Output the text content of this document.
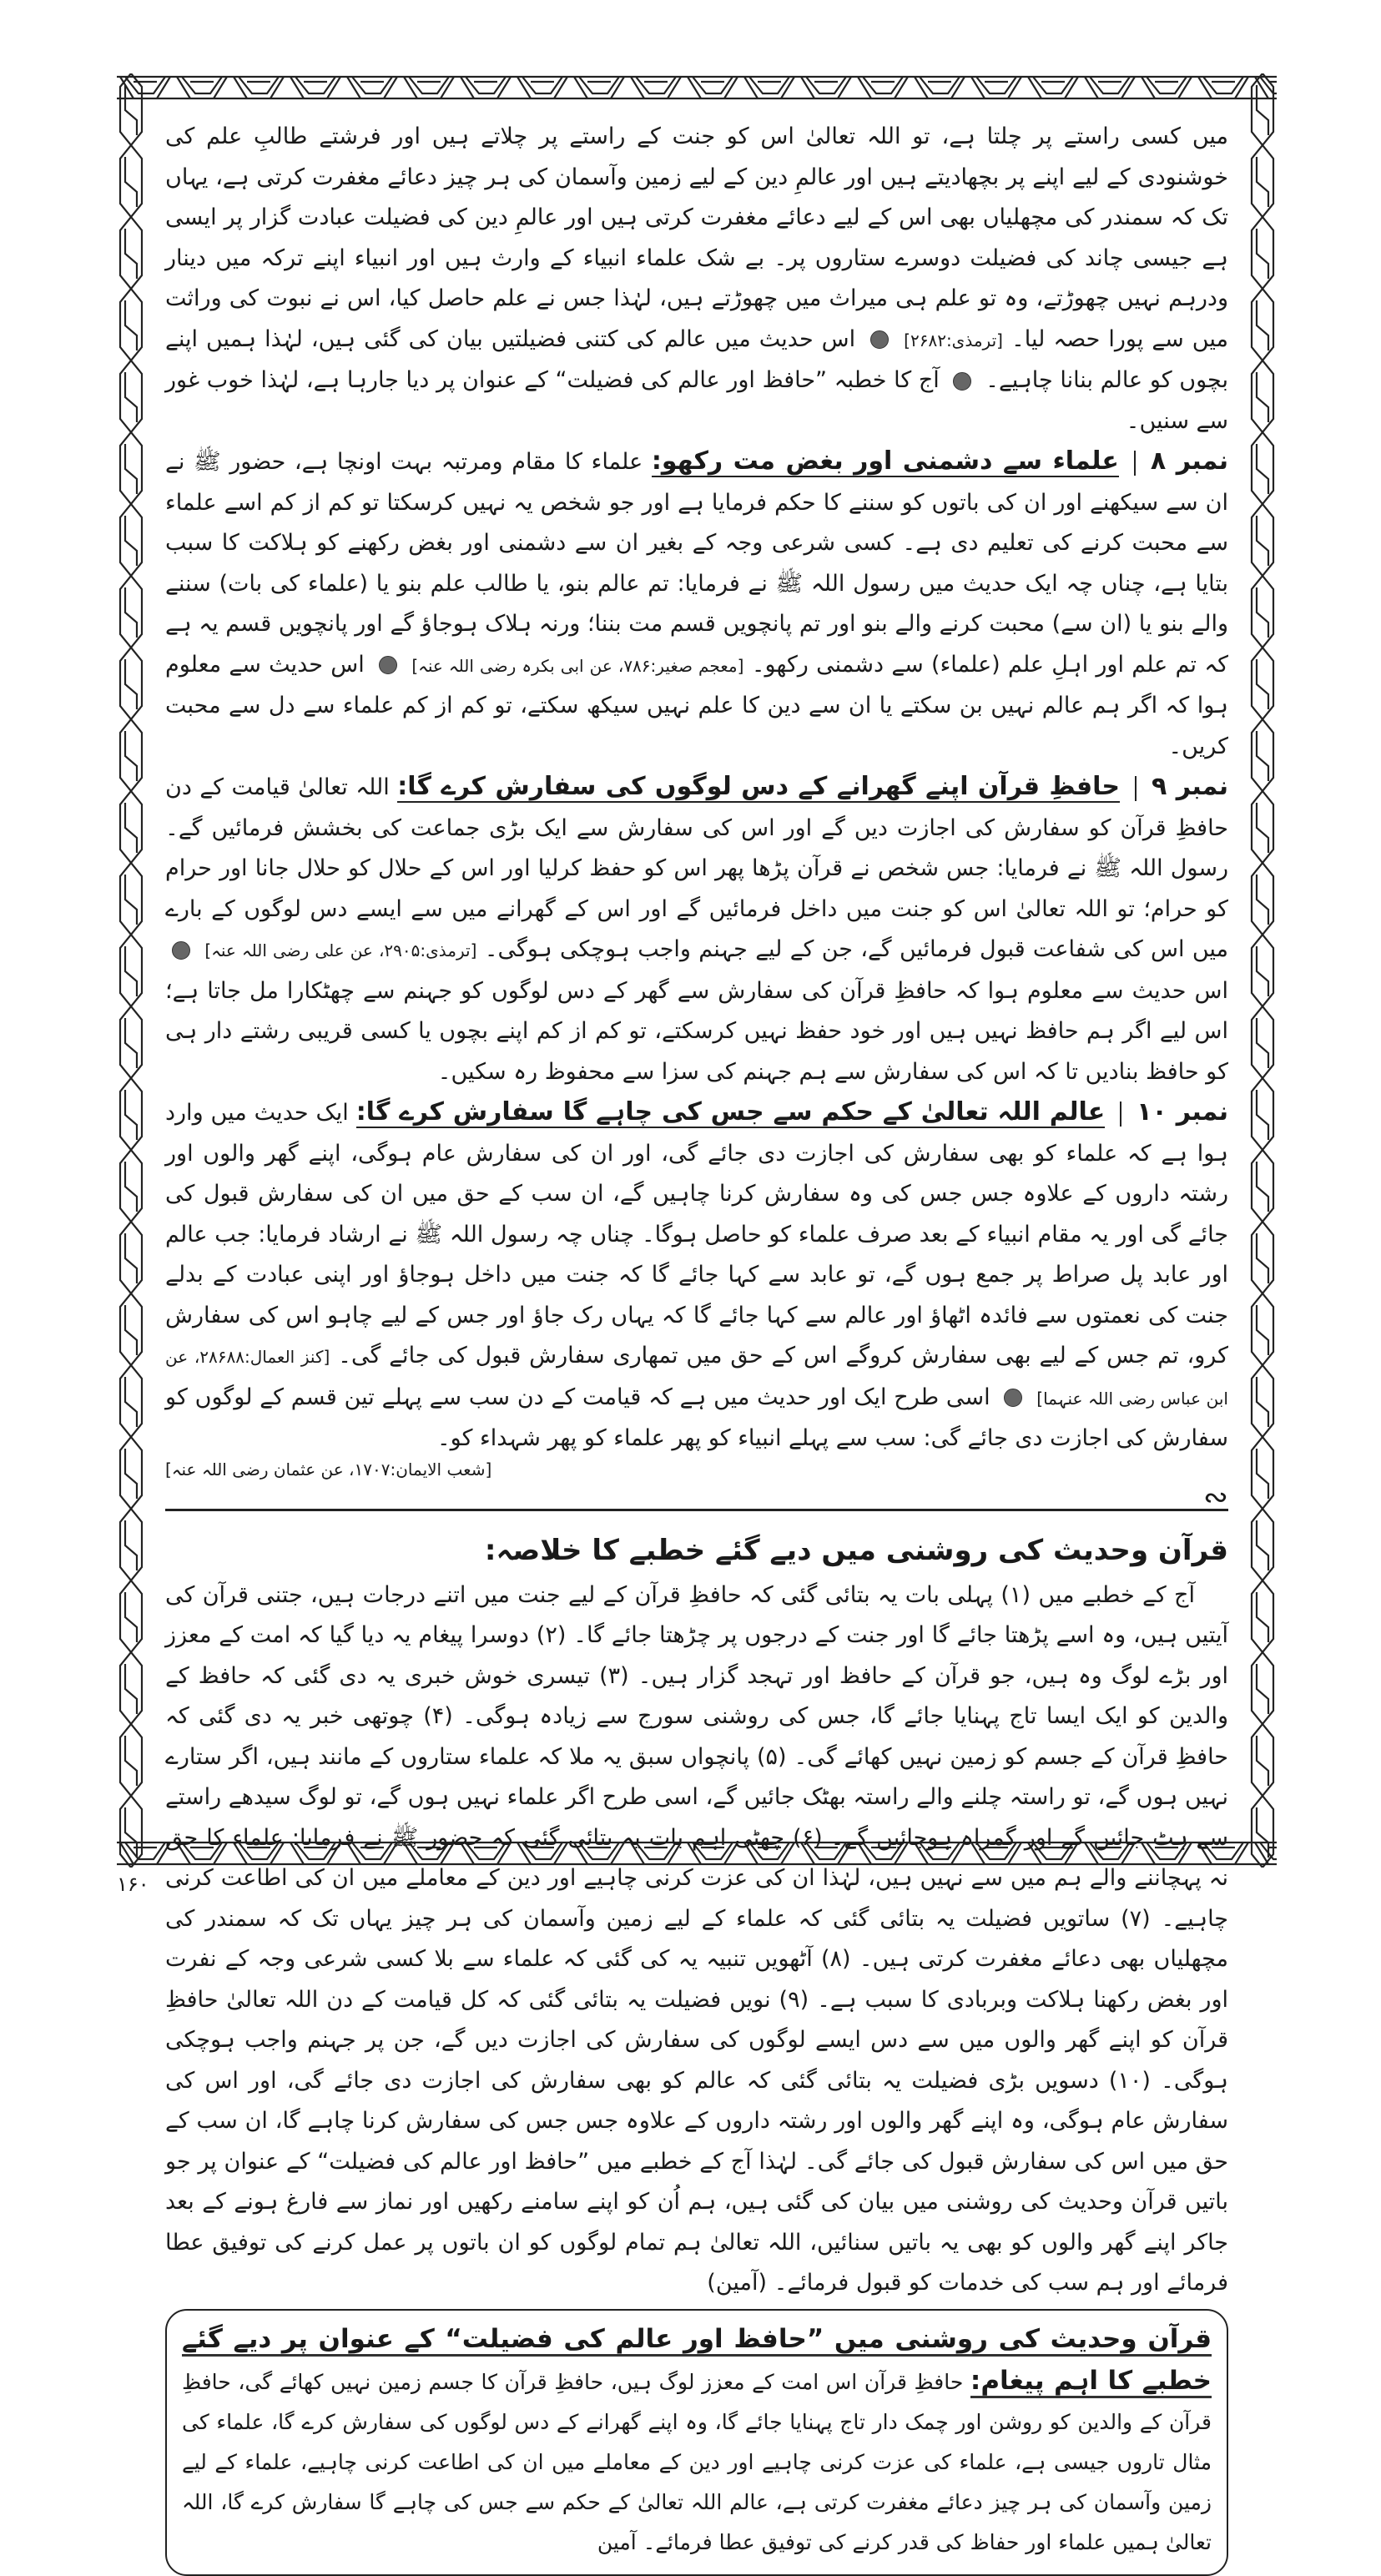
میں کسی راستے پر چلتا ہے، تو اللہ تعالیٰ اس کو جنت کے راستے پر چلاتے ہیں اور فرشتے طالبِ علم کی خوشنودی کے لیے اپنے پر بچھادیتے ہیں اور عالمِ دین کے لیے زمین وآسمان کی ہر چیز دعائے مغفرت کرتی ہے، یہاں تک کہ سمندر کی مچھلیاں بھی اس کے لیے دعائے مغفرت کرتی ہیں اور عالمِ دین کی فضیلت عبادت گزار پر ایسی ہے جیسی چاند کی فضیلت دوسرے ستاروں پر۔ بے شک علماء انبیاء کے وارث ہیں اور انبیاء اپنے ترکہ میں دینار ودرہم نہیں چھوڑتے، وہ تو علم ہی میراث میں چھوڑتے ہیں، لہٰذا جس نے علم حاصل کیا، اس نے نبوت کی وراثت میں سے پورا حصہ لیا۔ [ترمذی:۲۶۸۲]  اس حدیث میں عالم کی کتنی فضیلتیں بیان کی گئی ہیں، لہٰذا ہمیں اپنے بچوں کو عالم بنانا چاہیے۔  آج کا خطبہ ”حافظ اور عالم کی فضیلت“ کے عنوان پر دیا جارہا ہے، لہٰذا خوب غور سے سنیں۔

نمبر ۸علماء سے دشمنی اور بغض مت رکھو: علماء کا مقام ومرتبہ بہت اونچا ہے، حضور ﷺ نے ان سے سیکھنے اور ان کی باتوں کو سننے کا حکم فرمایا ہے اور جو شخص یہ نہیں کرسکتا تو کم از کم اسے علماء سے محبت کرنے کی تعلیم دی ہے۔ کسی شرعی وجہ کے بغیر ان سے دشمنی اور بغض رکھنے کو ہلاکت کا سبب بتایا ہے، چناں چہ ایک حدیث میں رسول اللہ ﷺ نے فرمایا: تم عالم بنو، یا طالب علم بنو یا (علماء کی بات) سننے والے بنو یا (ان سے) محبت کرنے والے بنو اور تم پانچویں قسم مت بننا؛ ورنہ ہلاک ہوجاؤ گے اور پانچویں قسم یہ ہے کہ تم علم اور اہلِ علم (علماء) سے دشمنی رکھو۔ [معجم صغیر:۷۸۶، عن ابی بکرہ رضی اللہ عنہ]  اس حدیث سے معلوم ہوا کہ اگر ہم عالم نہیں بن سکتے یا ان سے دین کا علم نہیں سیکھ سکتے، تو کم از کم علماء سے دل سے محبت کریں۔

نمبر ۹حافظِ قرآن اپنے گھرانے کے دس لوگوں کی سفارش کرے گا: اللہ تعالیٰ قیامت کے دن حافظِ قرآن کو سفارش کی اجازت دیں گے اور اس کی سفارش سے ایک بڑی جماعت کی بخشش فرمائیں گے۔ رسول اللہ ﷺ نے فرمایا: جس شخص نے قرآن پڑھا پھر اس کو حفظ کرلیا اور اس کے حلال کو حلال جانا اور حرام کو حرام؛ تو اللہ تعالیٰ اس کو جنت میں داخل فرمائیں گے اور اس کے گھرانے میں سے ایسے دس لوگوں کے بارے میں اس کی شفاعت قبول فرمائیں گے، جن کے لیے جہنم واجب ہوچکی ہوگی۔ [ترمذی:۲۹۰۵، عن علی رضی اللہ عنہ]  اس حدیث سے معلوم ہوا کہ حافظِ قرآن کی سفارش سے گھر کے دس لوگوں کو جہنم سے چھٹکارا مل جاتا ہے؛ اس لیے اگر ہم حافظ نہیں ہیں اور خود حفظ نہیں کرسکتے، تو کم از کم اپنے بچوں یا کسی قریبی رشتے دار ہی کو حافظ بنادیں تا کہ اس کی سفارش سے ہم جہنم کی سزا سے محفوظ رہ سکیں۔

نمبر ۱۰عالم اللہ تعالیٰ کے حکم سے جس کی چاہے گا سفارش کرے گا: ایک حدیث میں وارد ہوا ہے کہ علماء کو بھی سفارش کی اجازت دی جائے گی، اور ان کی سفارش عام ہوگی، اپنے گھر والوں اور رشتہ داروں کے علاوہ جس جس کی وہ سفارش کرنا چاہیں گے، ان سب کے حق میں ان کی سفارش قبول کی جائے گی اور یہ مقام انبیاء کے بعد صرف علماء کو حاصل ہوگا۔ چناں چہ رسول اللہ ﷺ نے ارشاد فرمایا: جب عالم اور عابد پل صراط پر جمع ہوں گے، تو عابد سے کہا جائے گا کہ جنت میں داخل ہوجاؤ اور اپنی عبادت کے بدلے جنت کی نعمتوں سے فائدہ اٹھاؤ اور عالم سے کہا جائے گا کہ یہاں رک جاؤ اور جس کے لیے چاہو اس کی سفارش کرو، تم جس کے لیے بھی سفارش کروگے اس کے حق میں تمھاری سفارش قبول کی جائے گی۔ [کنز العمال:۲۸۶۸۸، عن ابن عباس رضی اللہ عنہما]  اسی طرح ایک اور حدیث میں ہے کہ قیامت کے دن سب سے پہلے تین قسم کے لوگوں کو سفارش کی اجازت دی جائے گی: سب سے پہلے انبیاء کو پھر علماء کو پھر شہداء کو۔

[شعب الایمان:۱۷۰۷، عن عثمان رضی اللہ عنہ]
∾
قرآن وحدیث کی روشنی میں دیے گئے خطبے کا خلاصہ:

آج کے خطبے میں (۱) پہلی بات یہ بتائی گئی کہ حافظِ قرآن کے لیے جنت میں اتنے درجات ہیں، جتنی قرآن کی آیتیں ہیں، وہ اسے پڑھتا جائے گا اور جنت کے درجوں پر چڑھتا جائے گا۔ (۲) دوسرا پیغام یہ دیا گیا کہ امت کے معزز اور بڑے لوگ وہ ہیں، جو قرآن کے حافظ اور تہجد گزار ہیں۔ (۳) تیسری خوش خبری یہ دی گئی کہ حافظ کے والدین کو ایک ایسا تاج پہنایا جائے گا، جس کی روشنی سورج سے زیادہ ہوگی۔ (۴) چوتھی خبر یہ دی گئی کہ حافظِ قرآن کے جسم کو زمین نہیں کھائے گی۔ (۵) پانچواں سبق یہ ملا کہ علماء ستاروں کے مانند ہیں، اگر ستارے نہیں ہوں گے، تو راستہ چلنے والے راستہ بھٹک جائیں گے، اسی طرح اگر علماء نہیں ہوں گے، تو لوگ سیدھے راستے سے ہٹ جائیں گے اور گمراہ ہوجائیں گے۔ (۶) چھٹی اہم بات یہ بتائی گئی کہ حضور ﷺ نے فرمایا: علماء کا حق نہ پہچاننے والے ہم میں سے نہیں ہیں، لہٰذا ان کی عزت کرنی چاہیے اور دین کے معاملے میں ان کی اطاعت کرنی چاہیے۔ (۷) ساتویں فضیلت یہ بتائی گئی کہ علماء کے لیے زمین وآسمان کی ہر چیز یہاں تک کہ سمندر کی مچھلیاں بھی دعائے مغفرت کرتی ہیں۔ (۸) آٹھویں تنبیہ یہ کی گئی کہ علماء سے بلا کسی شرعی وجہ کے نفرت اور بغض رکھنا ہلاکت وبربادی کا سبب ہے۔ (۹) نویں فضیلت یہ بتائی گئی کہ کل قیامت کے دن اللہ تعالیٰ حافظِ قرآن کو اپنے گھر والوں میں سے دس ایسے لوگوں کی سفارش کی اجازت دیں گے، جن پر جہنم واجب ہوچکی ہوگی۔ (۱۰) دسویں بڑی فضیلت یہ بتائی گئی کہ عالم کو بھی سفارش کی اجازت دی جائے گی، اور اس کی سفارش عام ہوگی، وہ اپنے گھر والوں اور رشتہ داروں کے علاوہ جس جس کی سفارش کرنا چاہے گا، ان سب کے حق میں اس کی سفارش قبول کی جائے گی۔ لہٰذا آج کے خطبے میں ”حافظ اور عالم کی فضیلت“ کے عنوان پر جو باتیں قرآن وحدیث کی روشنی میں بیان کی گئی ہیں، ہم اُن کو اپنے سامنے رکھیں اور نماز سے فارغ ہونے کے بعد جاکر اپنے گھر والوں کو بھی یہ باتیں سنائیں، اللہ تعالیٰ ہم تمام لوگوں کو ان باتوں پر عمل کرنے کی توفیق عطا فرمائے اور ہم سب کی خدمات کو قبول فرمائے۔ (آمین)

قرآن وحدیث کی روشنی میں ”حافظ اور عالم کی فضیلت“ کے عنوان پر دیے گئے خطبے کا اہم پیغام: حافظِ قرآن اس امت کے معزز لوگ ہیں، حافظِ قرآن کا جسم زمین نہیں کھائے گی، حافظِ قرآن کے والدین کو روشن اور چمک دار تاج پہنایا جائے گا، وہ اپنے گھرانے کے دس لوگوں کی سفارش کرے گا، علماء کی مثال تاروں جیسی ہے، علماء کی عزت کرنی چاہیے اور دین کے معاملے میں ان کی اطاعت کرنی چاہیے، علماء کے لیے زمین وآسمان کی ہر چیز دعائے مغفرت کرتی ہے، عالم اللہ تعالیٰ کے حکم سے جس کی چاہے گا سفارش کرے گا، اللہ تعالیٰ ہمیں علماء اور حفاظ کی قدر کرنے کی توفیق عطا فرمائے۔ آمین

۱۶۰
